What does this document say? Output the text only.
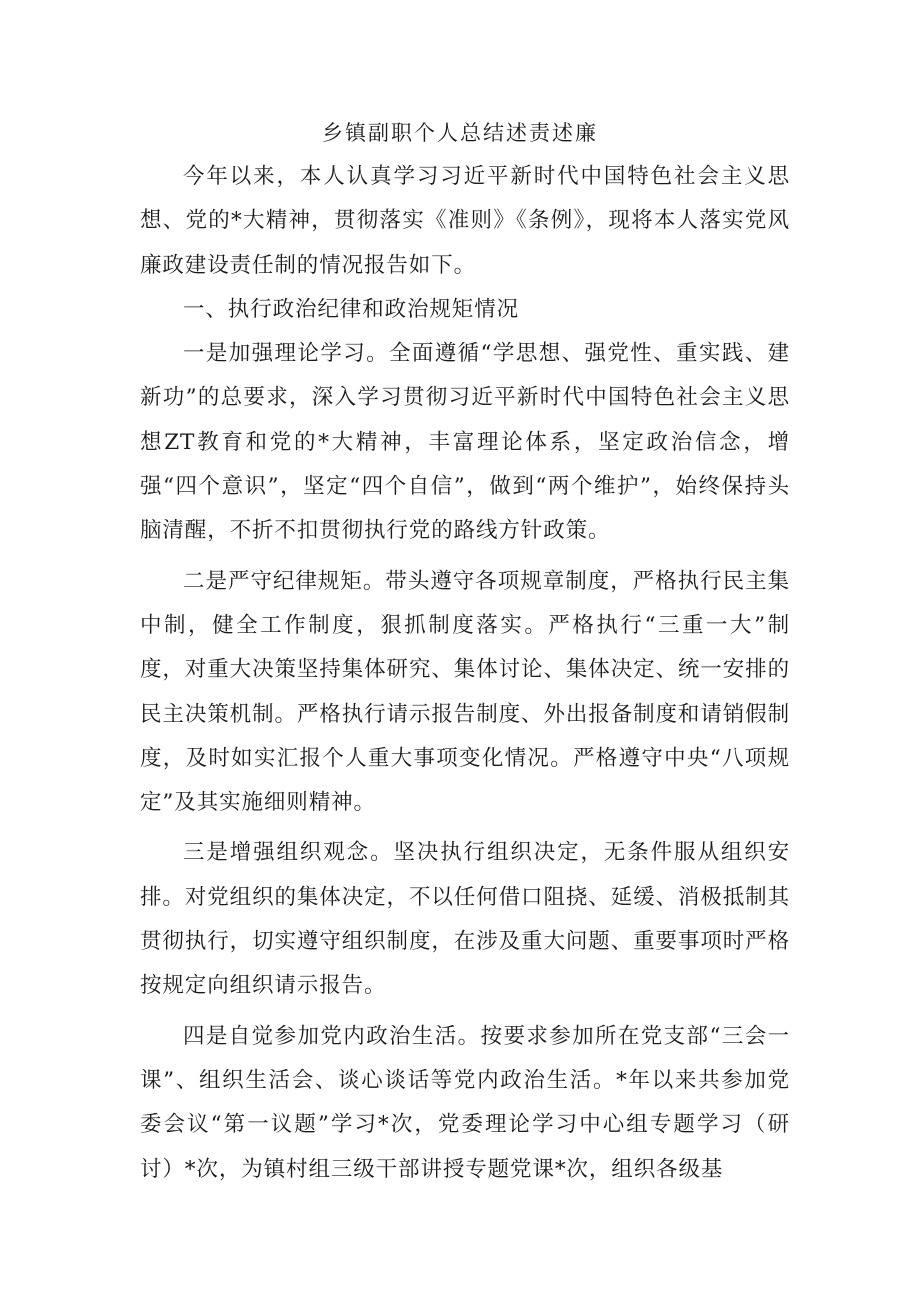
乡镇副职个人总结述责述廉

今年以来，本人认真学习习近平新时代中国特色社会主义思想、党的*大精神，贯彻落实《准则》《条例》，现将本人落实党风廉政建设责任制的情况报告如下。

一、执行政治纪律和政治规矩情况

一是加强理论学习。全面遵循“学思想、强党性、重实践、建新功”的总要求，深入学习贯彻习近平新时代中国特色社会主义思想ZT教育和党的*大精神，丰富理论体系，坚定政治信念，增强“四个意识”，坚定“四个自信”，做到“两个维护”，始终保持头脑清醒，不折不扣贯彻执行党的路线方针政策。

二是严守纪律规矩。带头遵守各项规章制度，严格执行民主集中制，健全工作制度，狠抓制度落实。严格执行“三重一大”制度，对重大决策坚持集体研究、集体讨论、集体决定、统一安排的民主决策机制。严格执行请示报告制度、外出报备制度和请销假制度，及时如实汇报个人重大事项变化情况。严格遵守中央“八项规定”及其实施细则精神。

三是增强组织观念。坚决执行组织决定，无条件服从组织安排。对党组织的集体决定，不以任何借口阻挠、延缓、消极抵制其贯彻执行，切实遵守组织制度，在涉及重大问题、重要事项时严格按规定向组织请示报告。

四是自觉参加党内政治生活。按要求参加所在党支部“三会一课”、组织生活会、谈心谈话等党内政治生活。*年以来共参加党委会议“第一议题”学习*次，党委理论学习中心组专题学习（研讨）*次，为镇村组三级干部讲授专题党课*次，组织各级基
